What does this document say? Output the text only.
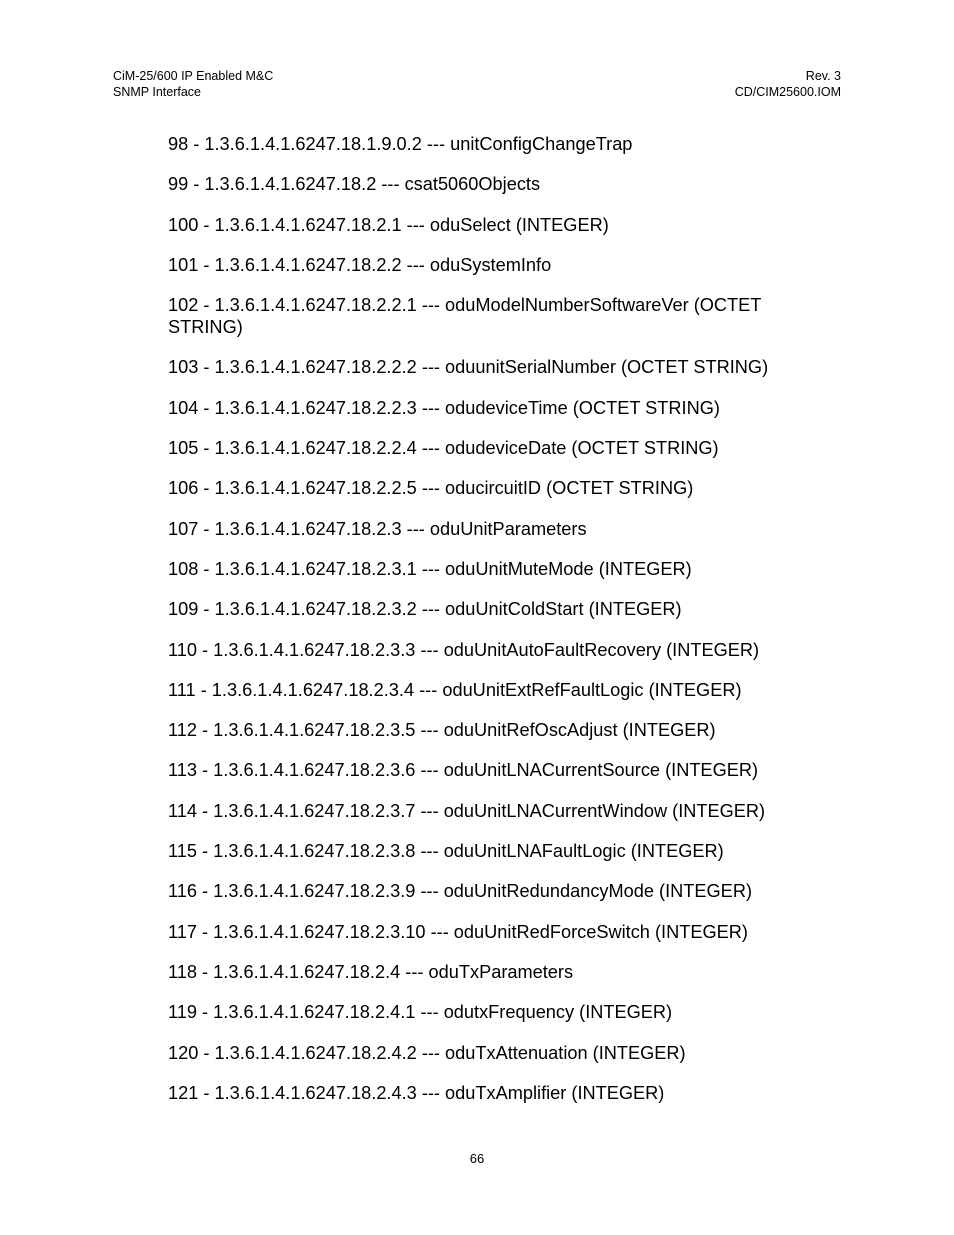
CiM-25/600 IP Enabled M&C
SNMP Interface
Rev. 3
CD/CIM25600.IOM
98 - 1.3.6.1.4.1.6247.18.1.9.0.2 --- unitConfigChangeTrap
99 - 1.3.6.1.4.1.6247.18.2 --- csat5060Objects
100 - 1.3.6.1.4.1.6247.18.2.1 --- oduSelect (INTEGER)
101 - 1.3.6.1.4.1.6247.18.2.2 --- oduSystemInfo
102 - 1.3.6.1.4.1.6247.18.2.2.1 --- oduModelNumberSoftwareVer (OCTET STRING)
103 - 1.3.6.1.4.1.6247.18.2.2.2 --- oduunitSerialNumber (OCTET STRING)
104 - 1.3.6.1.4.1.6247.18.2.2.3 --- odudeviceTime (OCTET STRING)
105 - 1.3.6.1.4.1.6247.18.2.2.4 --- odudeviceDate (OCTET STRING)
106 - 1.3.6.1.4.1.6247.18.2.2.5 --- oducircuitID (OCTET STRING)
107 - 1.3.6.1.4.1.6247.18.2.3 --- oduUnitParameters
108 - 1.3.6.1.4.1.6247.18.2.3.1 --- oduUnitMuteMode (INTEGER)
109 - 1.3.6.1.4.1.6247.18.2.3.2 --- oduUnitColdStart (INTEGER)
110 - 1.3.6.1.4.1.6247.18.2.3.3 --- oduUnitAutoFaultRecovery (INTEGER)
111 - 1.3.6.1.4.1.6247.18.2.3.4 --- oduUnitExtRefFaultLogic (INTEGER)
112 - 1.3.6.1.4.1.6247.18.2.3.5 --- oduUnitRefOscAdjust (INTEGER)
113 - 1.3.6.1.4.1.6247.18.2.3.6 --- oduUnitLNACurrentSource (INTEGER)
114 - 1.3.6.1.4.1.6247.18.2.3.7 --- oduUnitLNACurrentWindow (INTEGER)
115 - 1.3.6.1.4.1.6247.18.2.3.8 --- oduUnitLNAFaultLogic (INTEGER)
116 - 1.3.6.1.4.1.6247.18.2.3.9 --- oduUnitRedundancyMode (INTEGER)
117 - 1.3.6.1.4.1.6247.18.2.3.10 --- oduUnitRedForceSwitch (INTEGER)
118 - 1.3.6.1.4.1.6247.18.2.4 --- oduTxParameters
119 - 1.3.6.1.4.1.6247.18.2.4.1 --- odutxFrequency (INTEGER)
120 - 1.3.6.1.4.1.6247.18.2.4.2 --- oduTxAttenuation (INTEGER)
121 - 1.3.6.1.4.1.6247.18.2.4.3 --- oduTxAmplifier (INTEGER)
66
